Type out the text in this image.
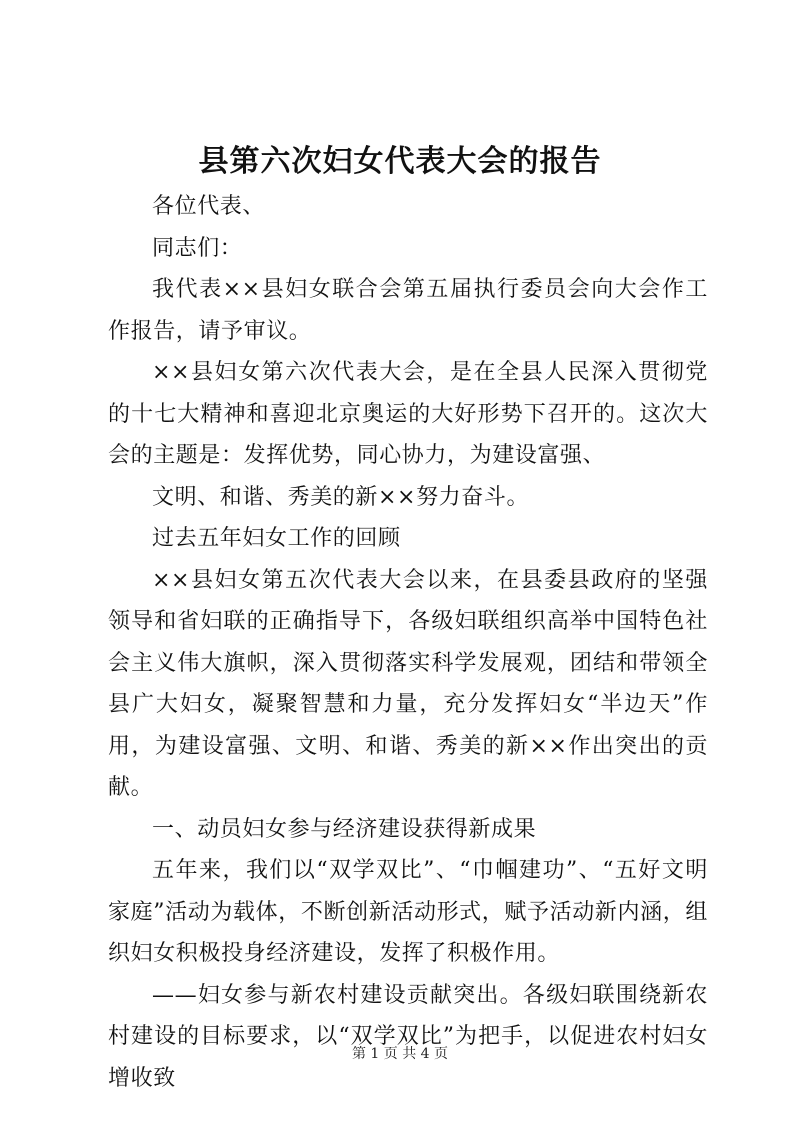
县第六次妇女代表大会的报告

各位代表、

同志们：

我代表××县妇女联合会第五届执行委员会向大会作工作报告，请予审议。

××县妇女第六次代表大会，是在全县人民深入贯彻党的十七大精神和喜迎北京奥运的大好形势下召开的。这次大会的主题是：发挥优势，同心协力，为建设富强、

文明、和谐、秀美的新××努力奋斗。

过去五年妇女工作的回顾

××县妇女第五次代表大会以来，在县委县政府的坚强领导和省妇联的正确指导下，各级妇联组织高举中国特色社会主义伟大旗帜，深入贯彻落实科学发展观，团结和带领全县广大妇女，凝聚智慧和力量，充分发挥妇女“半边天”作用，为建设富强、文明、和谐、秀美的新××作出突出的贡献。

一、动员妇女参与经济建设获得新成果

五年来，我们以“双学双比”、“巾帼建功”、“五好文明家庭”活动为载体，不断创新活动形式，赋予活动新内涵，组织妇女积极投身经济建设，发挥了积极作用。

——妇女参与新农村建设贡献突出。各级妇联围绕新农村建设的目标要求，以“双学双比”为把手，以促进农村妇女增收致

第 1 页 共 4 页
